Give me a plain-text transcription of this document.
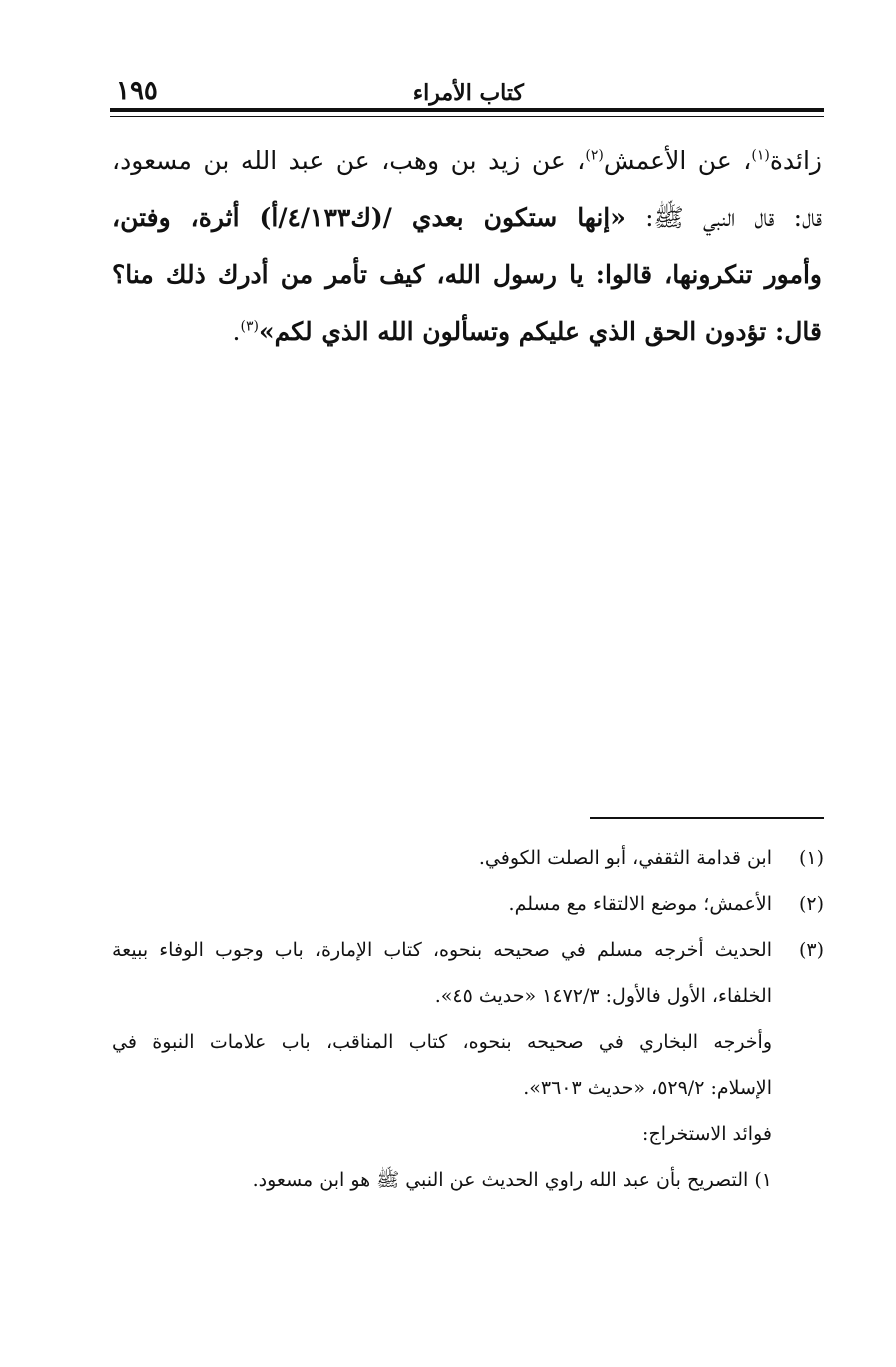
كتاب الأمراء
١٩٥
زائدة$^{(١)}$، عن الأعمش$^{(٢)}$، عن زيد بن وهب، عن عبد الله بن مسعود،
قال: قال النبي ﷺ: «إنها ستكون بعدي /(ك٤/١٣٣/أ) أثرة، وفتن،
وأمور تنكرونها، قالوا: يا رسول الله، كيف تأمر من أدرك ذلك منا؟
قال: تؤدون الحق الذي عليكم وتسألون الله الذي لكم»$^{(٣)}$.
(١)
ابن قدامة الثقفي، أبو الصلت الكوفي.
(٢)
الأعمش؛ موضع الالتقاء مع مسلم.
(٣)
الحديث أخرجه مسلم في صحيحه بنحوه، كتاب الإمارة، باب وجوب الوفاء ببيعة
الخلفاء، الأول فالأول: ١٤٧٢/٣ «حديث ٤٥».
وأخرجه البخاري في صحيحه بنحوه، كتاب المناقب، باب علامات النبوة في
الإسلام: ٥٢٩/٢، «حديث ٣٦٠٣».
فوائد الاستخراج:
١) التصريح بأن عبد الله راوي الحديث عن النبي ﷺ هو ابن مسعود.
